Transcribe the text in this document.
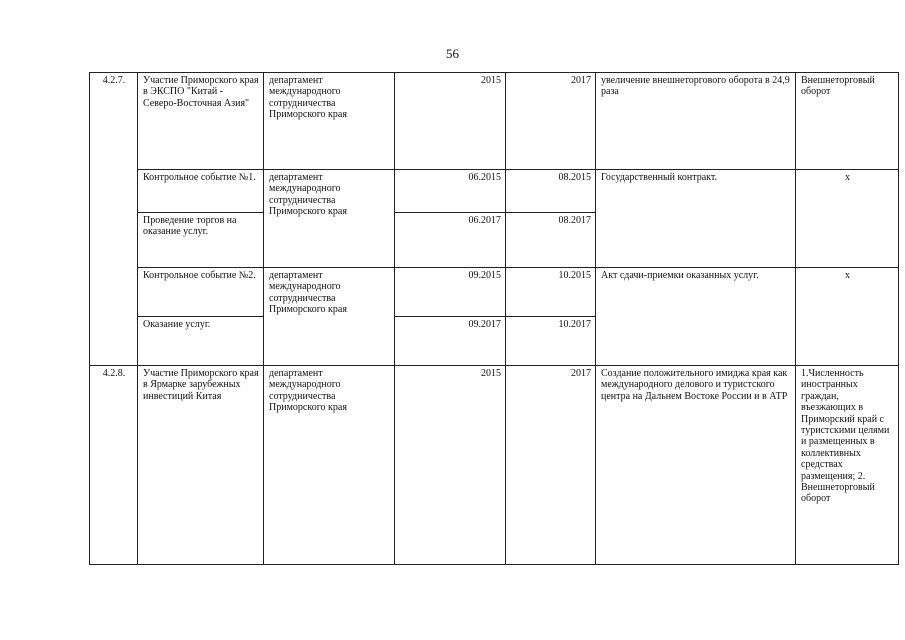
56
4.2.7.	Участие Приморского края в ЭКСПО "Китай - Северо-Восточная Азия"	департамент международного сотрудничества Приморского края	2015	2017	увеличение внешнеторгового оборота в 24,9 раза	Внешнеторговый оборот
	Контрольное событие №1.	департамент международного сотрудничества Приморского края	06.2015	08.2015	Государственный контракт.	х
	Проведение торгов на оказание услуг.		06.2017	08.2017		
	Контрольное событие №2.	департамент международного сотрудничества Приморского края	09.2015	10.2015	Акт сдачи-приемки оказанных услуг.	х
	Оказание услуг.		09.2017	10.2017		
4.2.8.	Участие Приморского края в Ярмарке зарубежных инвестиций Китая	департамент международного сотрудничества Приморского края	2015	2017	Создание положительного имиджа края как международного делового и туристского центра на Дальнем Востоке России и в АТР	1.Численность иностранных граждан, въезжающих в Приморский край с туристскими целями и размещенных в коллективных средствах размещения; 2. Внешнеторговый оборот
